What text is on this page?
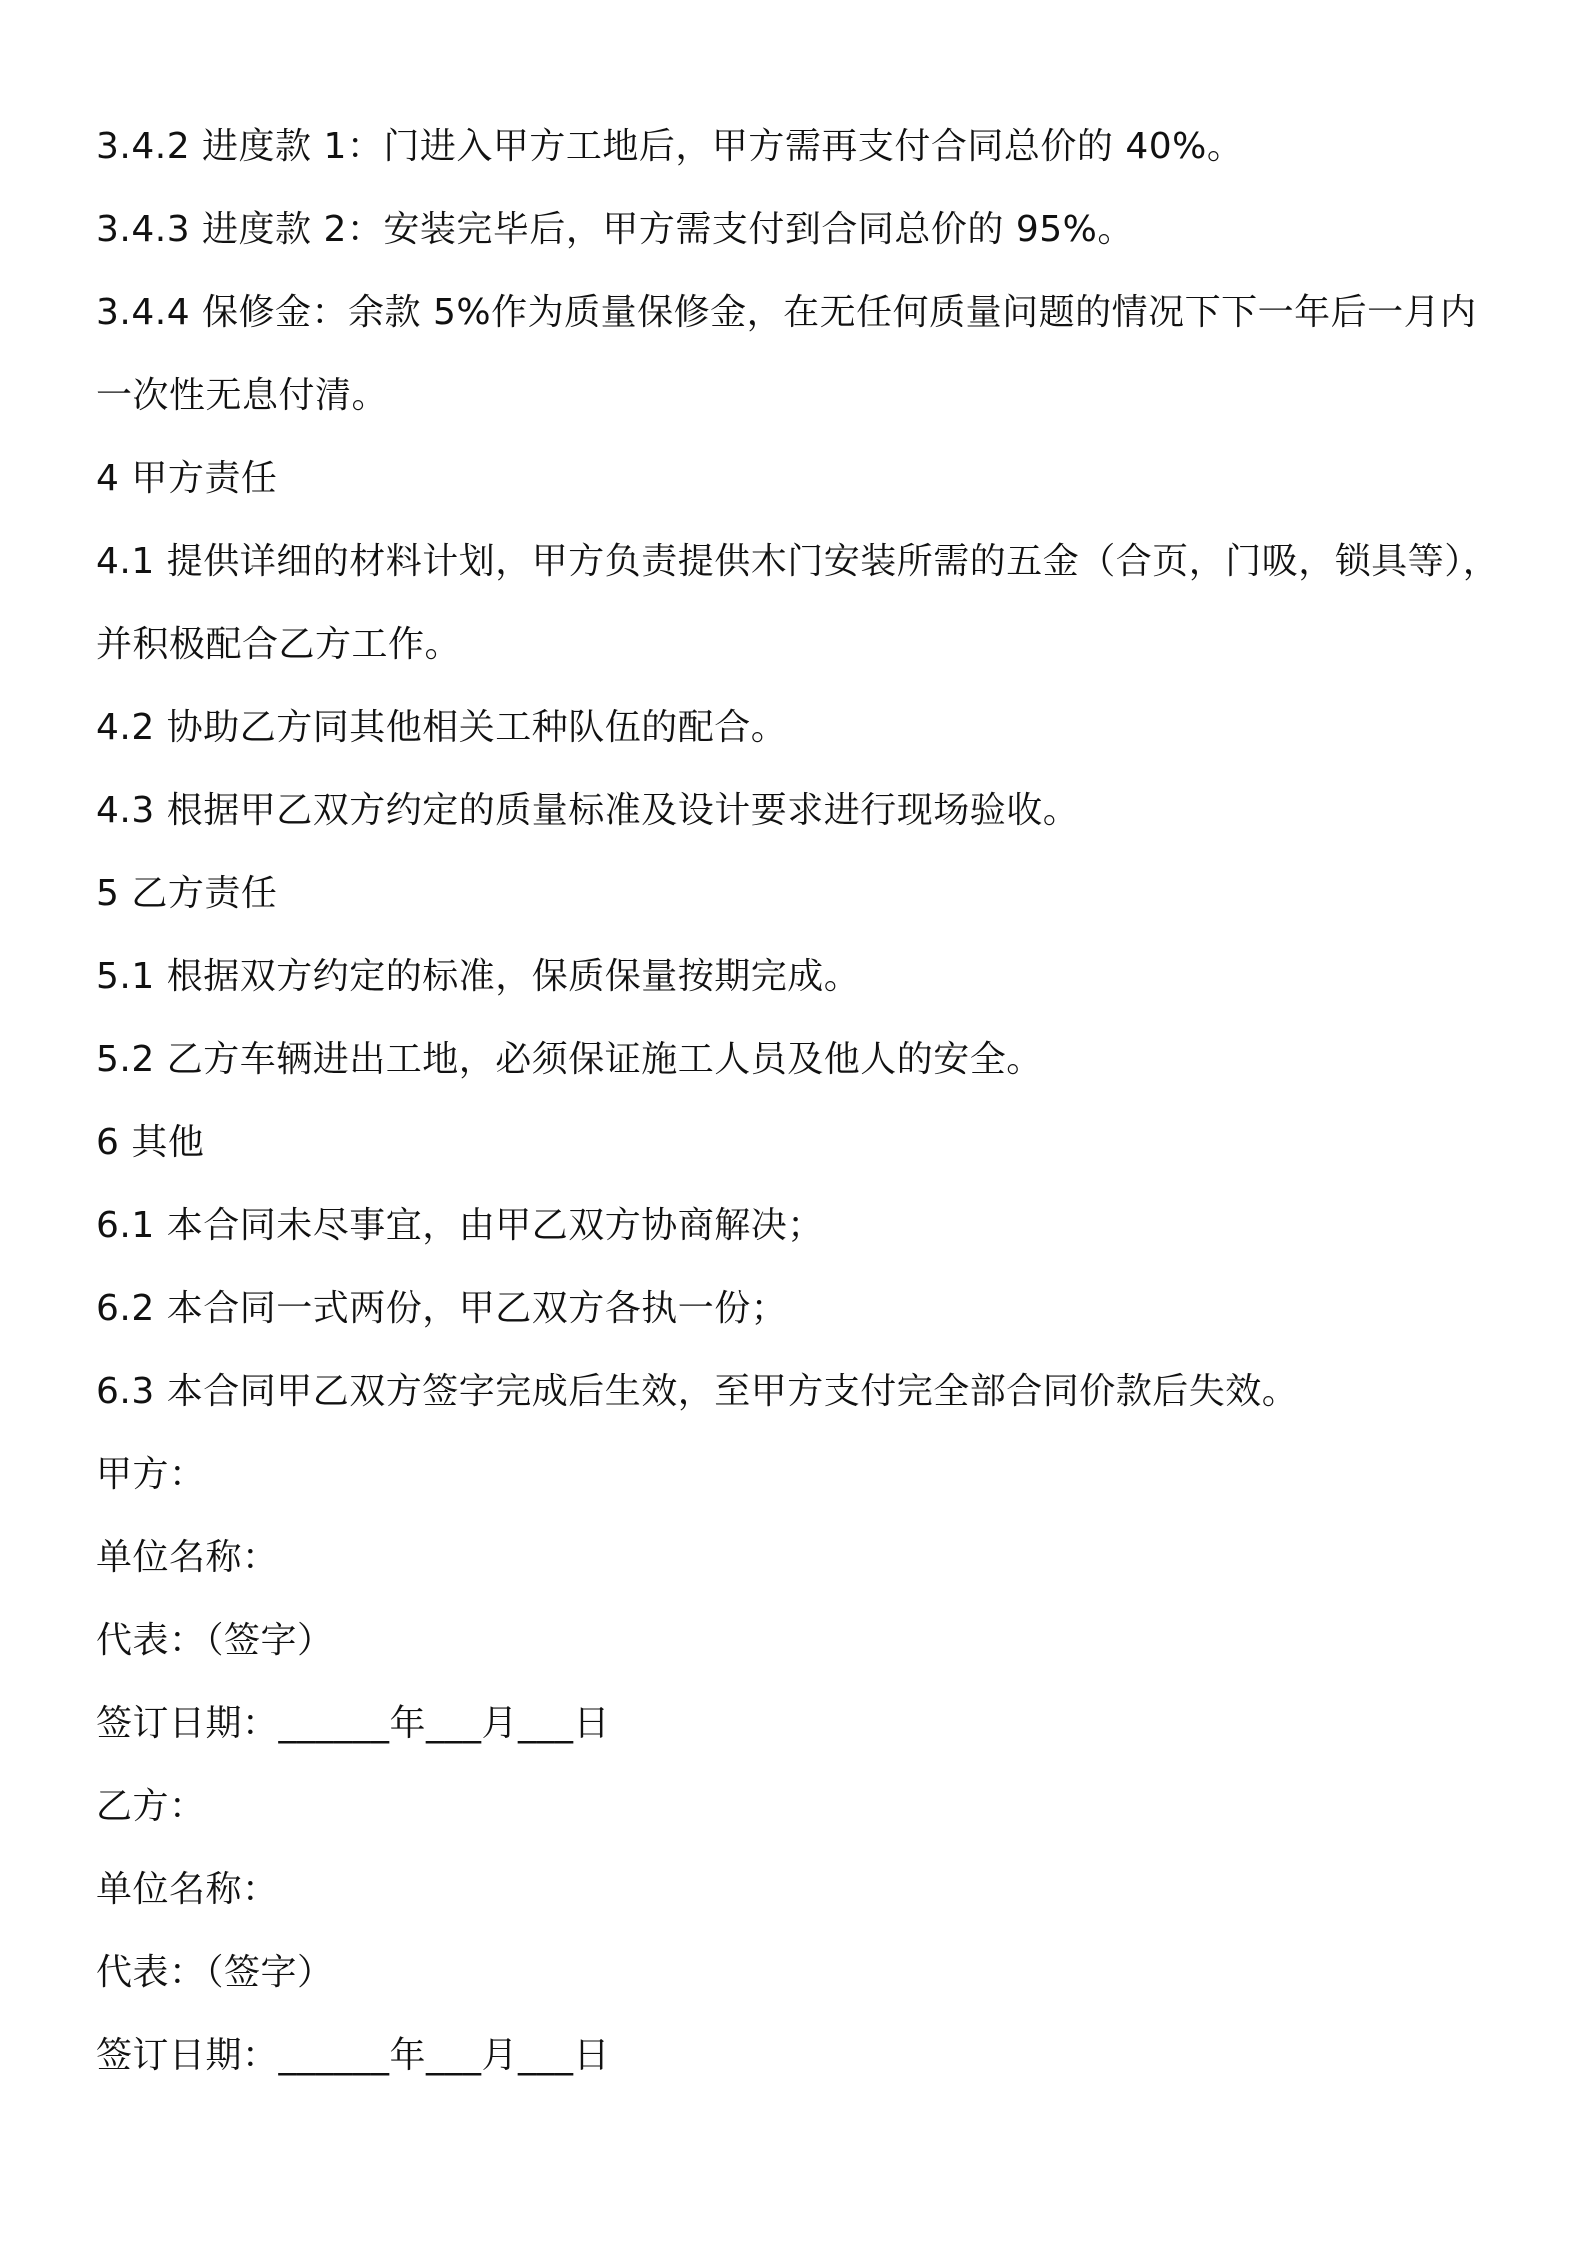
3.4.2 进度款 1：门进入甲方工地后，甲方需再支付合同总价的 40%。
3.4.3 进度款 2：安装完毕后，甲方需支付到合同总价的 95%。
3.4.4 保修金：余款 5%作为质量保修金，在无任何质量问题的情况下下一年后一月内
一次性无息付清。
4 甲方责任
4.1 提供详细的材料计划，甲方负责提供木门安装所需的五金（合页，门吸，锁具等），
并积极配合乙方工作。
4.2 协助乙方同其他相关工种队伍的配合。
4.3 根据甲乙双方约定的质量标准及设计要求进行现场验收。
5 乙方责任
5.1 根据双方约定的标准，保质保量按期完成。
5.2 乙方车辆进出工地，必须保证施工人员及他人的安全。
6 其他
6.1 本合同未尽事宜，由甲乙双方协商解决；
6.2 本合同一式两份，甲乙双方各执一份；
6.3 本合同甲乙双方签字完成后生效，至甲方支付完全部合同价款后失效。
甲方：
单位名称：
代表：（签字）
签订日期：______年___月___日
乙方：
单位名称：
代表：（签字）
签订日期：______年___月___日
